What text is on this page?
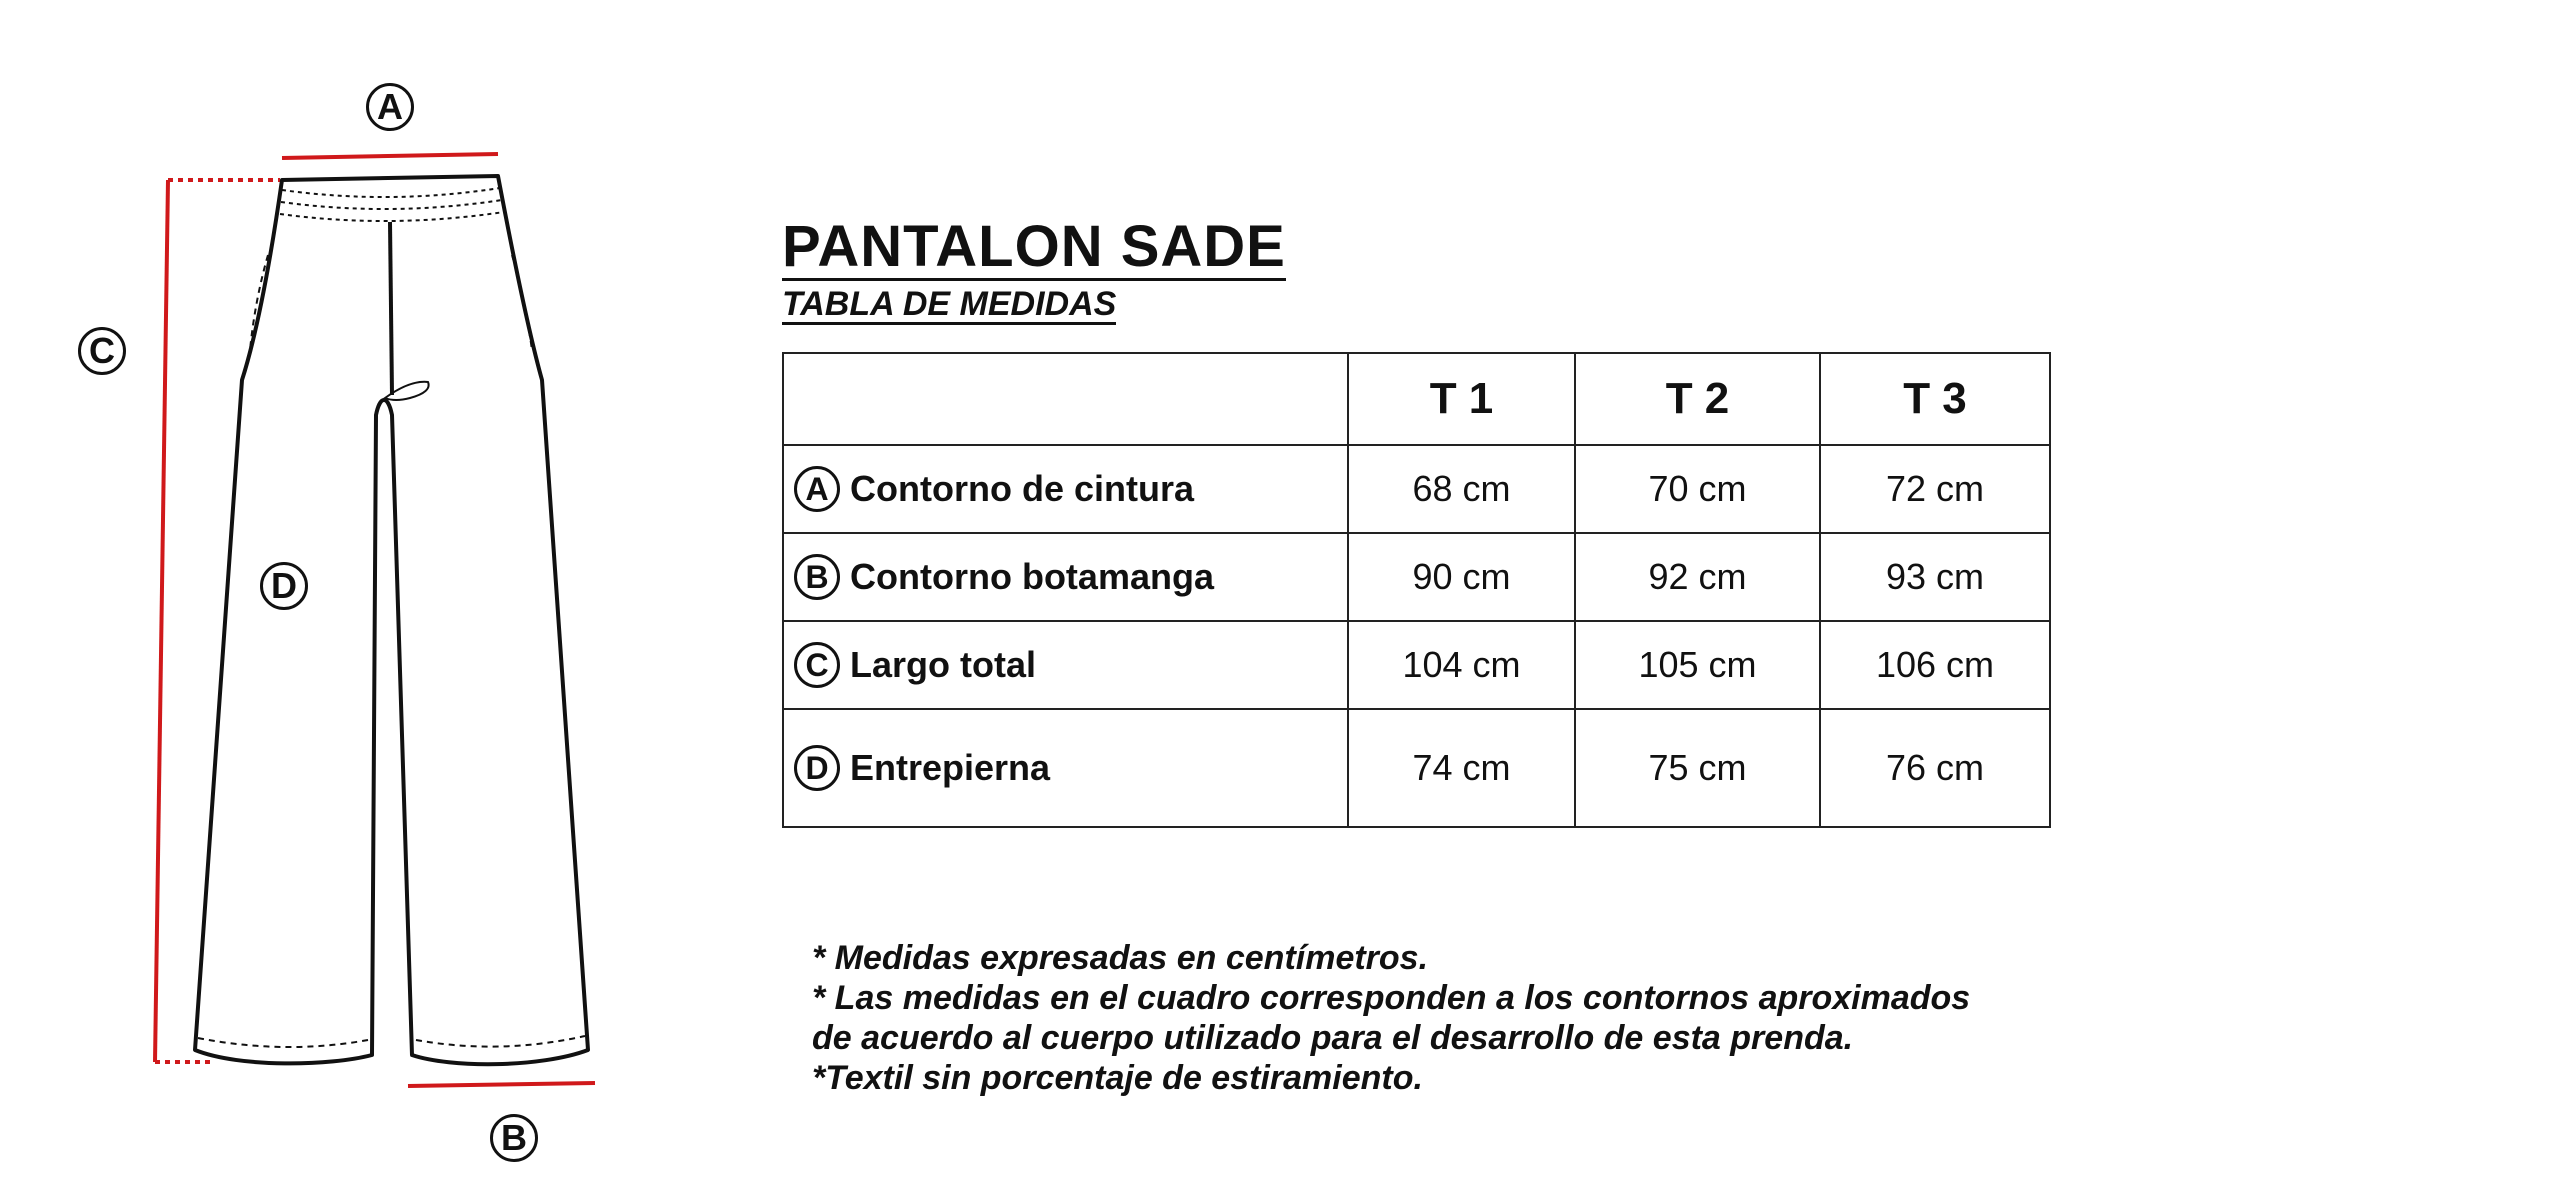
A
C
D
B
PANTALON SADE
TABLA DE MEDIDAS
	T 1	T 2	T 3

A Contorno de cintura	68 cm	70 cm	72 cm

B Contorno botamanga	90 cm	92 cm	93 cm

C Largo total	104 cm	105 cm	106 cm

D Entrepierna	74 cm	75 cm	76 cm

* Medidas expresadas en centímetros.

* Las medidas en el cuadro corresponden a los contornos aproximados de acuerdo al cuerpo utilizado para el desarrollo de esta prenda.

*Textil sin porcentaje de estiramiento.
